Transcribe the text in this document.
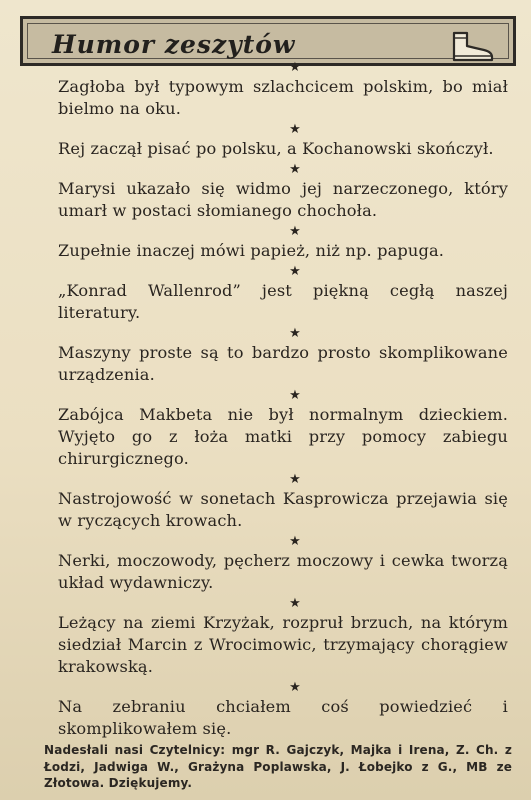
Humor zeszytów
★
Zagłoba był typowym szlachcicem polskim, bo miał bielmo na oku.
★
Rej zaczął pisać po polsku, a Kochanowski skończył.
★
Marysi ukazało się widmo jej narzeczonego, który umarł w postaci słomianego chochoła.
★
Zupełnie inaczej mówi papież, niż np. papuga.
★
„Konrad Wallenrod” jest piękną cegłą naszej literatury.
★
Maszyny proste są to bardzo prosto skomplikowane urządzenia.
★
Zabójca Makbeta nie był normalnym dzieckiem. Wyjęto go z łoża matki przy pomocy zabiegu chirurgicznego.
★
Nastrojowość w sonetach Kasprowicza przejawia się w ryczących krowach.
★
Nerki, moczowody, pęcherz moczowy i cewka tworzą układ wydawniczy.
★
Leżący na ziemi Krzyżak, rozpruł brzuch, na którym siedział Marcin z Wrocimowic, trzymający chorągiew krakowską.
★
Na zebraniu chciałem coś powiedzieć i skomplikowałem się.
Nadesłali nasi Czytelnicy: mgr R. Gajczyk, Majka i Irena, Z. Ch. z Łodzi, Jadwiga W., Grażyna Poplawska, J. Łobejko z G., MB ze Złotowa. Dziękujemy.
